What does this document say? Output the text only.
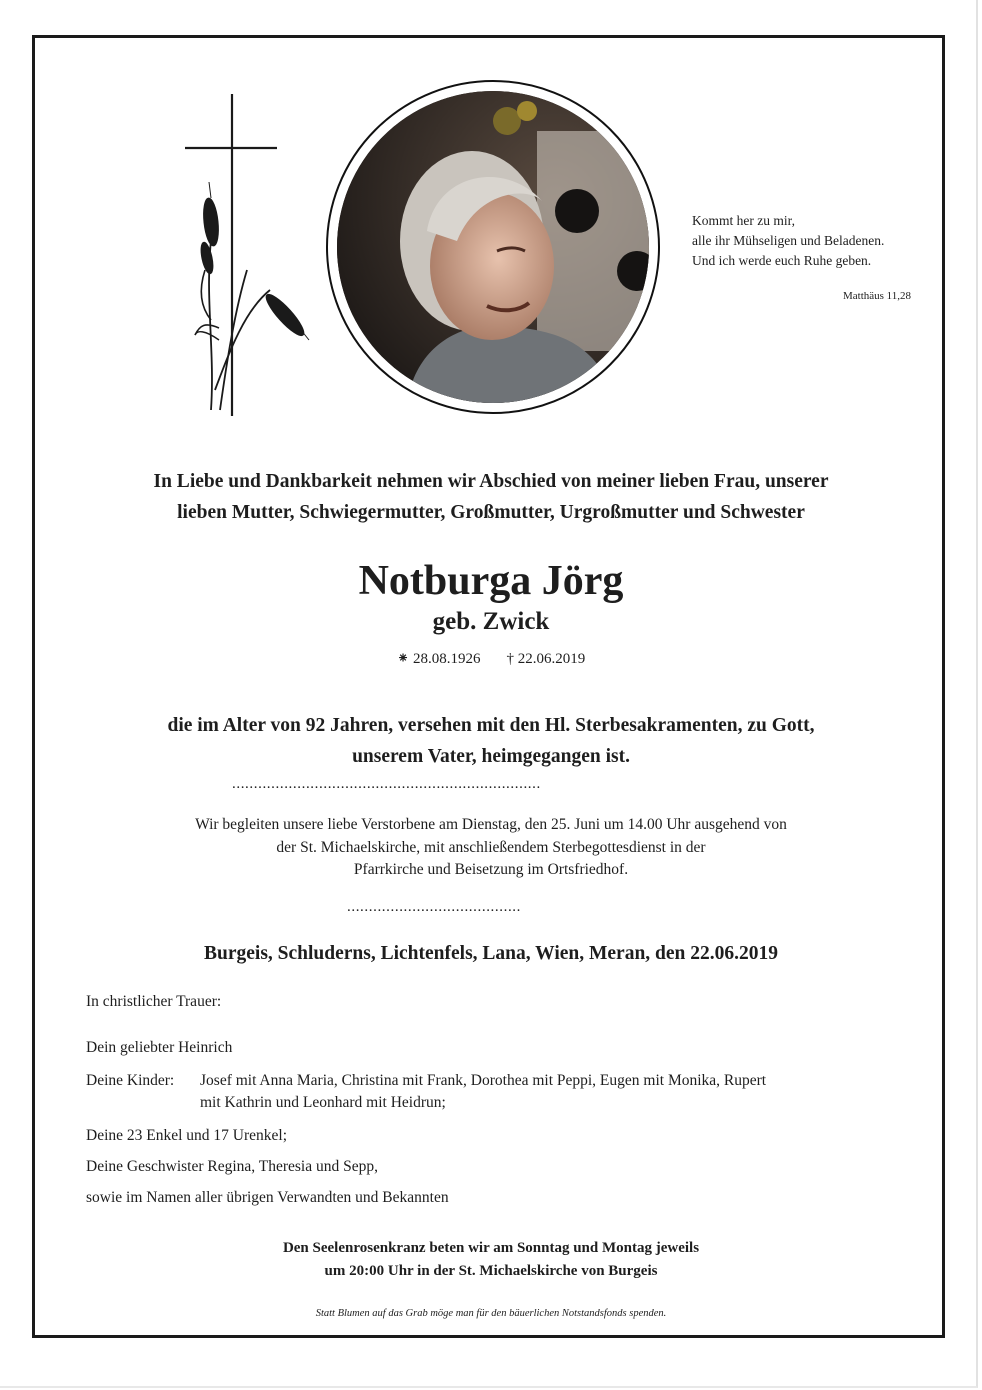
Kommt her zu mir,
alle ihr Mühseligen und Beladenen.
Und ich werde euch Ruhe geben.
Matthäus 11,28
In Liebe und Dankbarkeit nehmen wir Abschied von meiner lieben Frau, unserer
lieben Mutter, Schwiegermutter, Großmutter, Urgroßmutter und Schwester
Notburga Jörg
geb. Zwick
⁕ 28.08.1926 † 22.06.2019
die im Alter von 92 Jahren, versehen mit den Hl. Sterbesakramenten, zu Gott,
unserem Vater, heimgegangen ist.
.......................................................................
Wir begleiten unsere liebe Verstorbene am Dienstag, den 25. Juni um 14.00 Uhr ausgehend von
der St. Michaelskirche, mit anschließendem Sterbegottesdienst in der
Pfarrkirche und Beisetzung im Ortsfriedhof.
........................................
Burgeis, Schluderns, Lichtenfels, Lana, Wien, Meran, den 22.06.2019
In christlicher Trauer:
Dein geliebter Heinrich
Deine Kinder: Josef mit Anna Maria, Christina mit Frank, Dorothea mit Peppi, Eugen mit Monika, Rupert
mit Kathrin und Leonhard mit Heidrun;
Deine 23 Enkel und 17 Urenkel;
Deine Geschwister Regina, Theresia und Sepp,
sowie im Namen aller übrigen Verwandten und Bekannten
Den Seelenrosenkranz beten wir am Sonntag und Montag jeweils
um 20:00 Uhr in der St. Michaelskirche von Burgeis
Statt Blumen auf das Grab möge man für den bäuerlichen Notstandsfonds spenden.
